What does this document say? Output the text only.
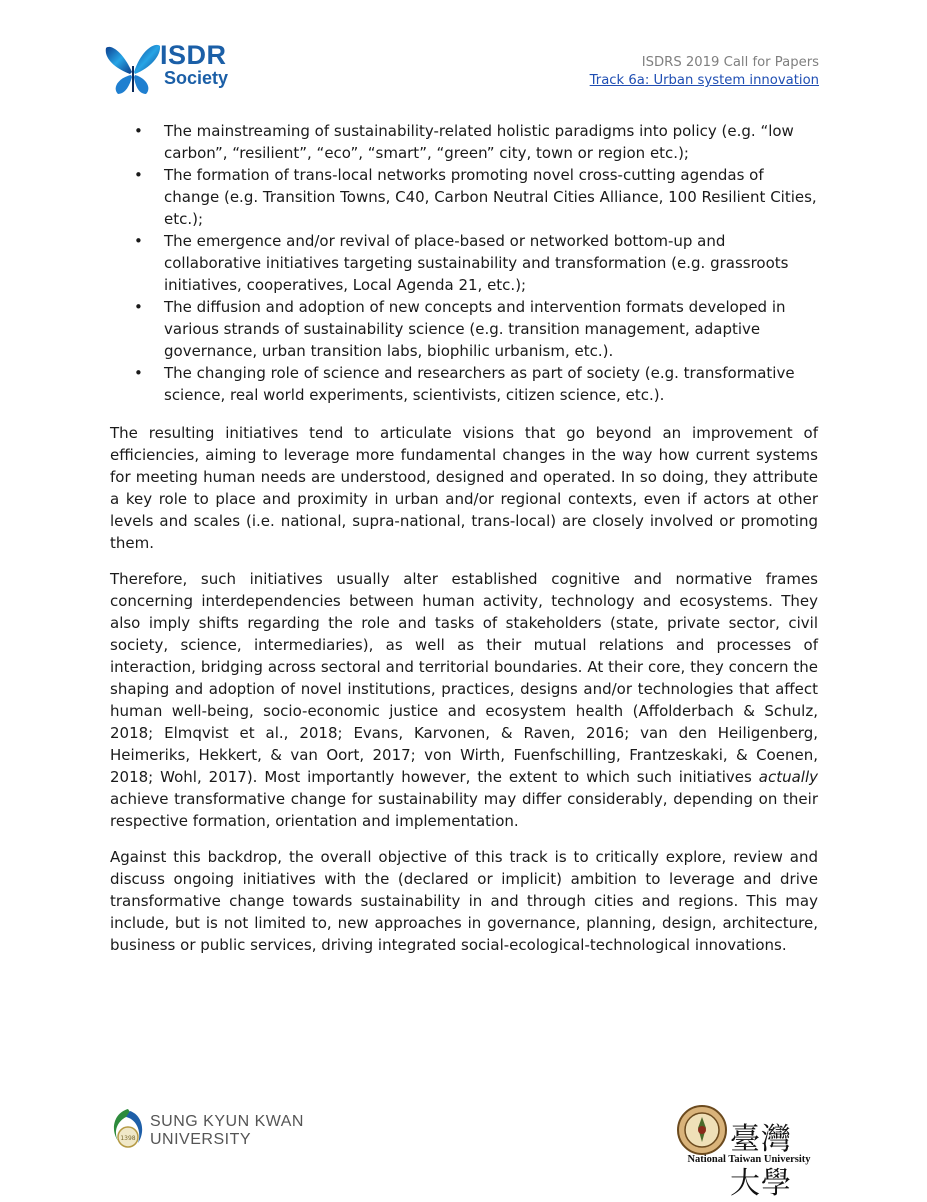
ISDR
Society
ISDRS 2019 Call for Papers
Track 6a: Urban system innovation
• The mainstreaming of sustainability-related holistic paradigms into policy (e.g. “low carbon”, “resilient”, “eco”, “smart”, “green” city, town or region etc.);
• The formation of trans-local networks promoting novel cross-cutting agendas of change (e.g. Transition Towns, C40, Carbon Neutral Cities Alliance, 100 Resilient Cities, etc.);
• The emergence and/or revival of place-based or networked bottom-up and collaborative initiatives targeting sustainability and transformation (e.g. grassroots initiatives, cooperatives, Local Agenda 21, etc.);
• The diffusion and adoption of new concepts and intervention formats developed in various strands of sustainability science (e.g. transition management, adaptive governance, urban transition labs, biophilic urbanism, etc.).
• The changing role of science and researchers as part of society (e.g. transformative science, real world experiments, scientivists, citizen science, etc.).

The resulting initiatives tend to articulate visions that go beyond an improvement of efficiencies, aiming to leverage more fundamental changes in the way how current systems for meeting human needs are understood, designed and operated. In so doing, they attribute a key role to place and proximity in urban and/or regional contexts, even if actors at other levels and scales (i.e. national, supra-national, trans-local) are closely involved or promoting them.

Therefore, such initiatives usually alter established cognitive and normative frames concerning interdependencies between human activity, technology and ecosystems. They also imply shifts regarding the role and tasks of stakeholders (state, private sector, civil society, science, intermediaries), as well as their mutual relations and processes of interaction, bridging across sectoral and territorial boundaries. At their core, they concern the shaping and adoption of novel institutions, practices, designs and/or technologies that affect human well-being, socio-economic justice and ecosystem health (Affolderbach & Schulz, 2018; Elmqvist et al., 2018; Evans, Karvonen, & Raven, 2016; van den Heiligenberg, Heimeriks, Hekkert, & van Oort, 2017; von Wirth, Fuenfschilling, Frantzeskaki, & Coenen, 2018; Wohl, 2017). Most importantly however, the extent to which such initiatives actually achieve transformative change for sustainability may differ considerably, depending on their respective formation, orientation and implementation.

Against this backdrop, the overall objective of this track is to critically explore, review and discuss ongoing initiatives with the (declared or implicit) ambition to leverage and drive transformative change towards sustainability in and through cities and regions. This may include, but is not limited to, new approaches in governance, planning, design, architecture, business or public services, driving integrated social-ecological-technological innovations.

1398
SUNG KYUN KWAN
UNIVERSITY	臺灣大學
National Taiwan University
